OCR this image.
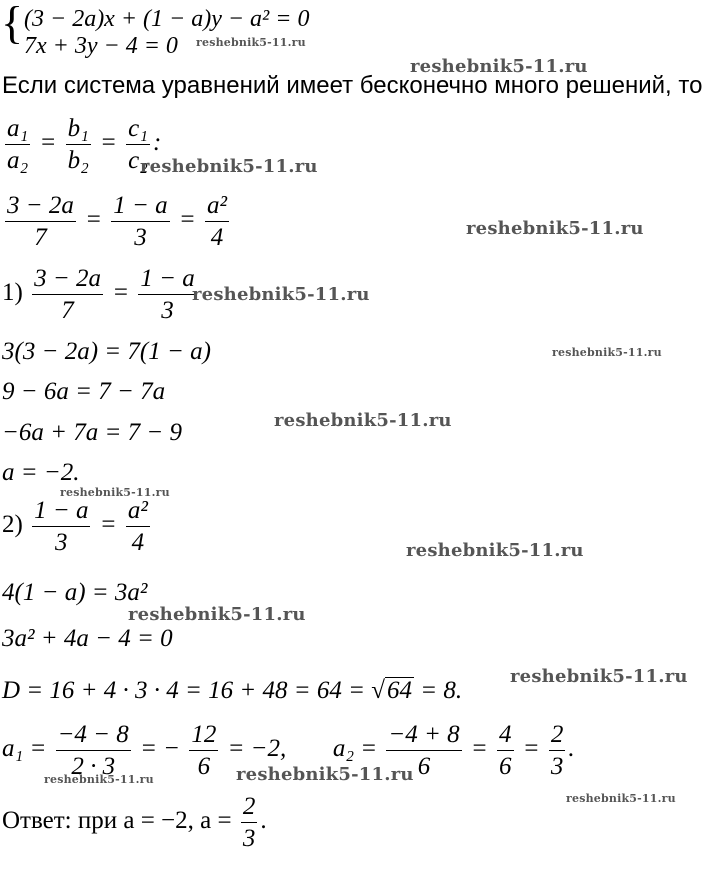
{ (3 − 2a)x + (1 − a)y − a² = 0
7x + 3y − 4 = 0
Если система уравнений имеет бесконечно много решений, то
$\frac{\text{a₁}}{\text{a₂}} = \frac{\text{b₁}}{\text{b₂}} = \frac{\text{c₁}}{\text{c₂}}$ :
$\frac{3 - 2a}{7} = \frac{1 - a}{3} = \frac{\text{a²}}{4}$
$1) \frac{3 - 2a}{7} = \frac{1 - a}{3}$
3(3 − 2a) = 7(1 − a)
9 − 6a = 7 − 7a
−6a + 7a = 7 − 9
a = −2.
$2) \frac{1 - a}{3} = \frac{\text{a²}}{4}$
4(1 − a) = 3a²
3a² + 4a − 4 = 0
D = 16 + 4 · 3 · 4 = 16 + 48 = 64 = √64 = 8.
$a_1 = \frac{-4 - 8}{2 \cdot 3}$ = − $\frac{12}{6} = -2$, $a_2 = \frac{-4 + 8}{6} = \frac{4}{6} = \frac{2}{3}$ .
Ответ: при a = −2, $a = \frac{2}{3}$ .
reshebnik5-11.ru
reshebnik5-11.ru
reshebnik5-11.ru
reshebnik5-11.ru
reshebnik5-11.ru
reshebnik5-11.ru
reshebnik5-11.ru
reshebnik5-11.ru
reshebnik5-11.ru
reshebnik5-11.ru
reshebnik5-11.ru
reshebnik5-11.ru
reshebnik5-11.ru
reshebnik5-11.ru
